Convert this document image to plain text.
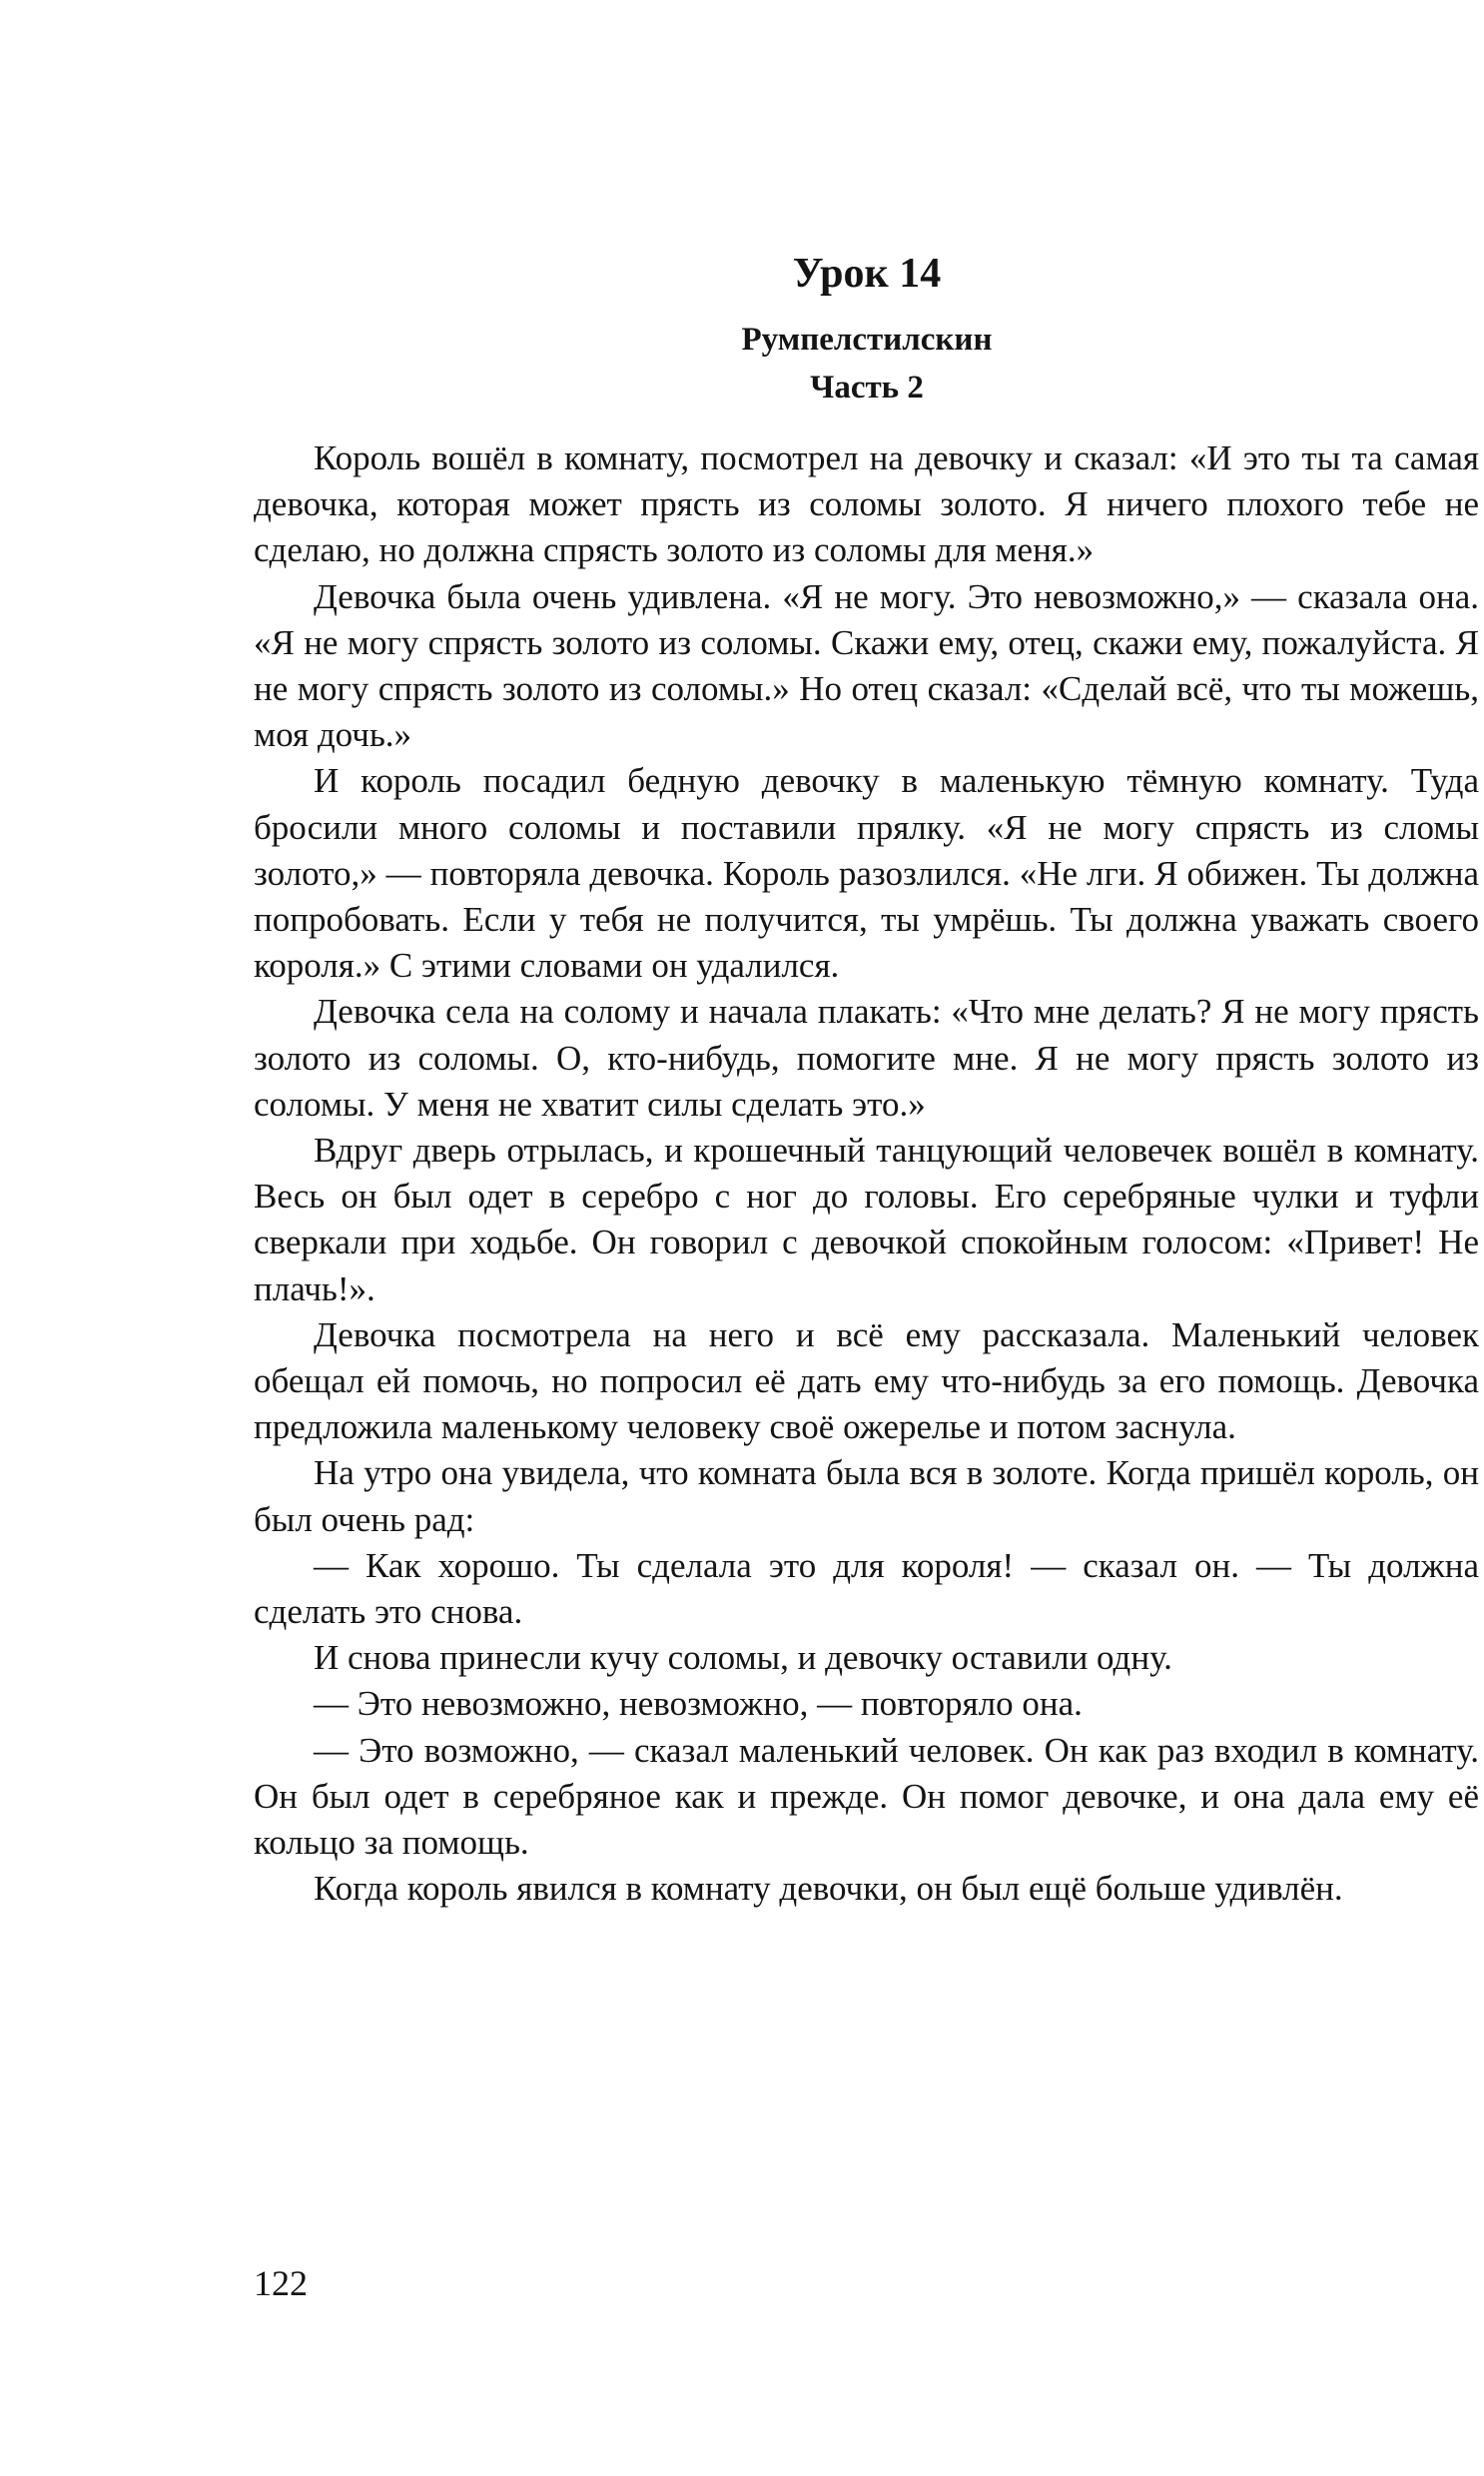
Урок 14
Румпелстилскин
Часть 2

Король вошёл в комнату, посмотрел на девочку и сказал: «И это ты та самая девочка, которая может прясть из соломы золото. Я ничего плохого тебе не сделаю, но должна спрясть золото из соломы для меня.»

Девочка была очень удивлена. «Я не могу. Это невозможно,» — сказала она. «Я не могу спрясть золото из соломы. Скажи ему, отец, скажи ему, пожалуйста. Я не могу спрясть золото из соломы.» Но отец сказал: «Сделай всё, что ты можешь, моя дочь.»

И король посадил бедную девочку в маленькую тёмную комнату. Туда бросили много соломы и поставили прялку. «Я не могу спрясть из сломы золото,» — повторяла девочка. Король разозлился. «Не лги. Я обижен. Ты должна попробовать. Если у тебя не получится, ты умрёшь. Ты должна уважать своего короля.» С этими словами он удалился.

Девочка села на солому и начала плакать: «Что мне делать? Я не могу прясть золото из соломы. О, кто-нибудь, помогите мне. Я не могу прясть золото из соломы. У меня не хватит силы сделать это.»

Вдруг дверь отрылась, и крошечный танцующий человечек вошёл в комнату. Весь он был одет в серебро с ног до головы. Его серебряные чулки и туфли сверкали при ходьбе. Он говорил с девочкой спокойным голосом: «Привет! Не плачь!».

Девочка посмотрела на него и всё ему рассказала. Маленький человек обещал ей помочь, но попросил её дать ему что-нибудь за его помощь. Девочка предложила маленькому человеку своё ожерелье и потом заснула.

На утро она увидела, что комната была вся в золоте. Когда пришёл король, он был очень рад:

— Как хорошо. Ты сделала это для короля! — сказал он. — Ты должна сделать это снова.

И снова принесли кучу соломы, и девочку оставили одну.

— Это невозможно, невозможно, — повторяло она.

— Это возможно, — сказал маленький человек. Он как раз входил в комнату. Он был одет в серебряное как и прежде. Он помог девочке, и она дала ему её кольцо за помощь.

Когда король явился в комнату девочки, он был ещё больше удивлён.

122
